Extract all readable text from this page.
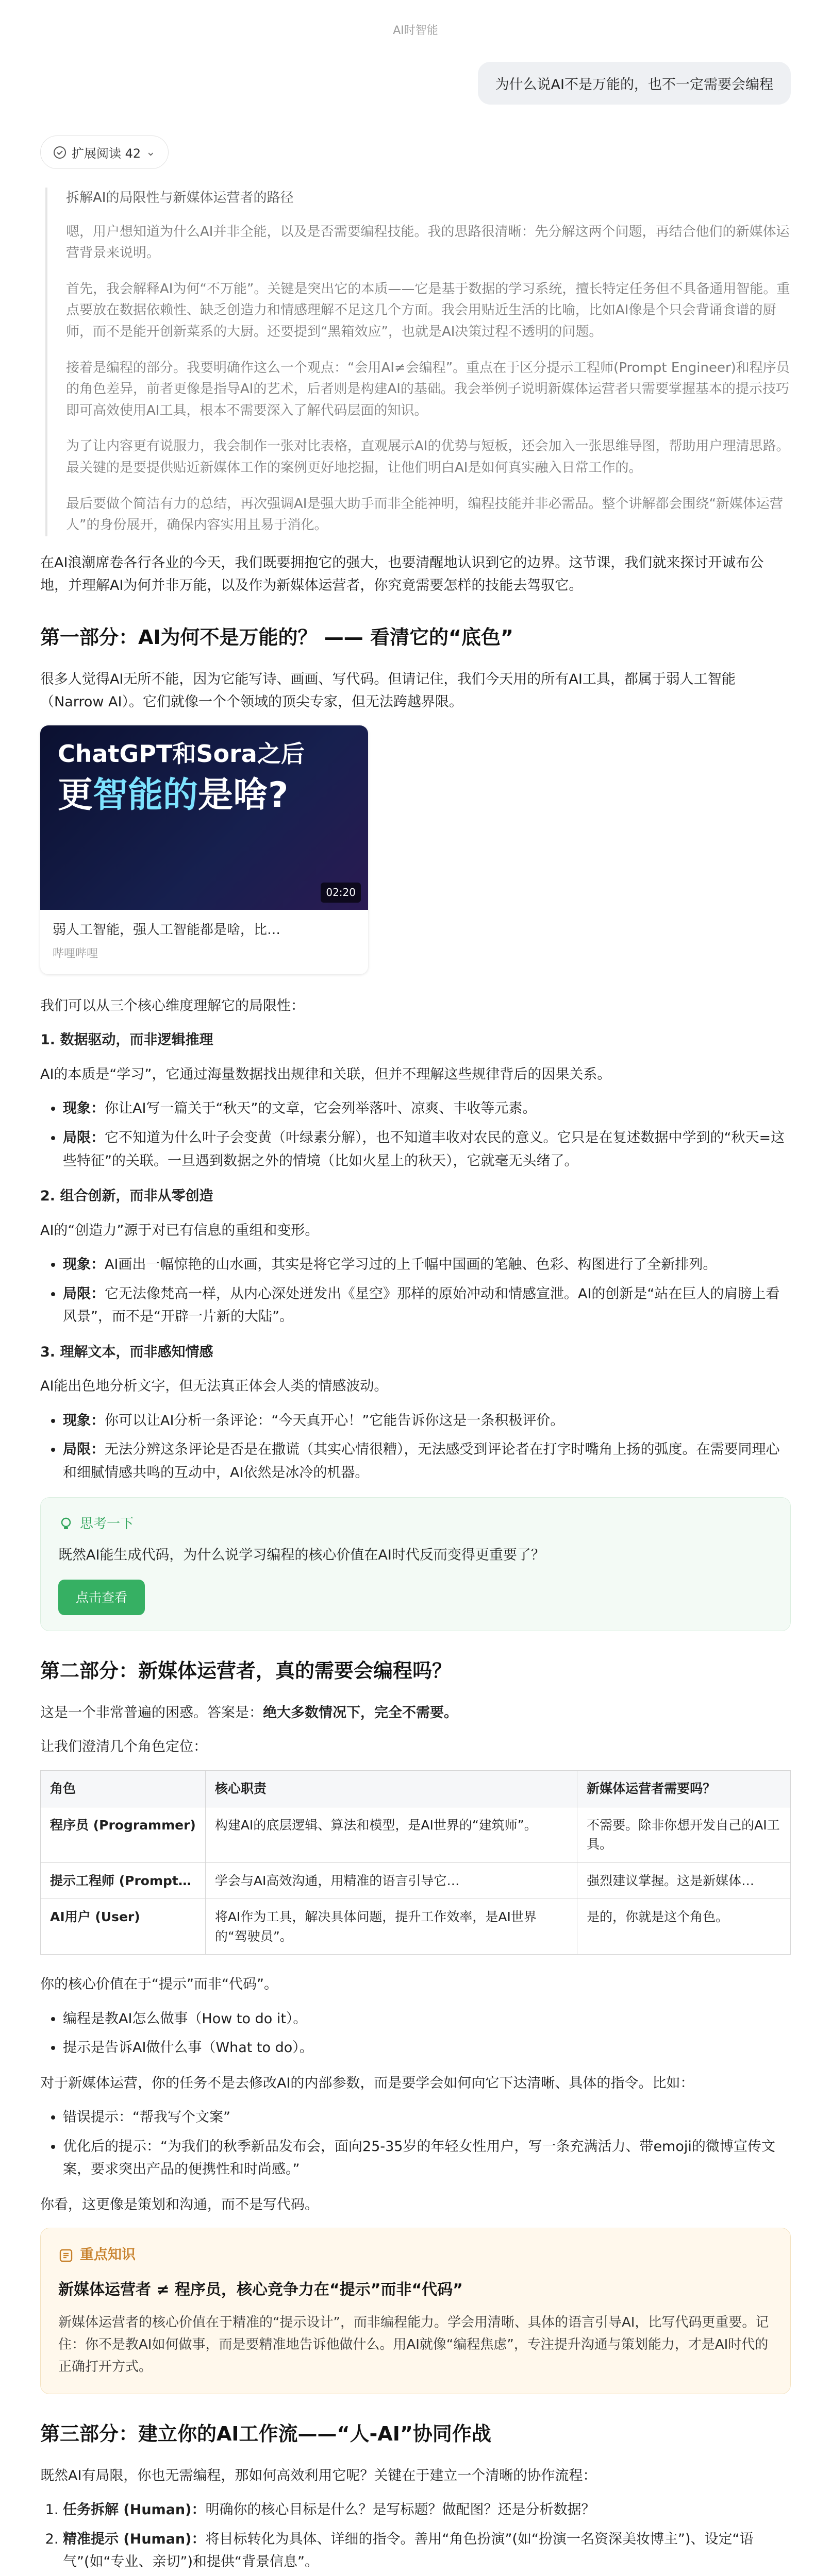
AI时智能
为什么说AI不是万能的，也不一定需要会编程
扩展阅读 42 ⌄

拆解AI的局限性与新媒体运营者的路径

嗯，用户想知道为什么AI并非全能，以及是否需要编程技能。我的思路很清晰：先分解这两个问题，再结合他们的新媒体运营背景来说明。

首先，我会解释AI为何“不万能”。关键是突出它的本质——它是基于数据的学习系统，擅长特定任务但不具备通用智能。重点要放在数据依赖性、缺乏创造力和情感理解不足这几个方面。我会用贴近生活的比喻，比如AI像是个只会背诵食谱的厨师，而不是能开创新菜系的大厨。还要提到“黑箱效应”，也就是AI决策过程不透明的问题。

接着是编程的部分。我要明确作这么一个观点：“会用AI≠会编程”。重点在于区分提示工程师(Prompt Engineer)和程序员的角色差异，前者更像是指导AI的艺术，后者则是构建AI的基础。我会举例子说明新媒体运营者只需要掌握基本的提示技巧即可高效使用AI工具，根本不需要深入了解代码层面的知识。

为了让内容更有说服力，我会制作一张对比表格，直观展示AI的优势与短板，还会加入一张思维导图，帮助用户理清思路。最关键的是要提供贴近新媒体工作的案例更好地挖掘，让他们明白AI是如何真实融入日常工作的。

最后要做个简洁有力的总结，再次强调AI是强大助手而非全能神明，编程技能并非必需品。整个讲解都会围绕“新媒体运营人”的身份展开，确保内容实用且易于消化。

在AI浪潮席卷各行各业的今天，我们既要拥抱它的强大，也要清醒地认识到它的边界。这节课，我们就来探讨开诚布公地，并理解AI为何并非万能，以及作为新媒体运营者，你究竟需要怎样的技能去驾驭它。

第一部分：AI为何不是万能的？ —— 看清它的“底色”

很多人觉得AI无所不能，因为它能写诗、画画、写代码。但请记住，我们今天用的所有AI工具，都属于弱人工智能（Narrow AI）。它们就像一个个领域的顶尖专家，但无法跨越界限。

ChatGPT和Sora之后
更智能的是啥?
02:20
弱人工智能，强人工智能都是啥，比…
哔哩哔哩

我们可以从三个核心维度理解它的局限性：

1. 数据驱动，而非逻辑推理

AI的本质是“学习”，它通过海量数据找出规律和关联，但并不理解这些规律背后的因果关系。

• 现象：你让AI写一篇关于“秋天”的文章，它会列举落叶、凉爽、丰收等元素。
• 局限：它不知道为什么叶子会变黄（叶绿素分解），也不知道丰收对农民的意义。它只是在复述数据中学到的“秋天=这些特征”的关联。一旦遇到数据之外的情境（比如火星上的秋天），它就毫无头绪了。

2. 组合创新，而非从零创造

AI的“创造力”源于对已有信息的重组和变形。

• 现象：AI画出一幅惊艳的山水画，其实是将它学习过的上千幅中国画的笔触、色彩、构图进行了全新排列。
• 局限：它无法像梵高一样，从内心深处迸发出《星空》那样的原始冲动和情感宣泄。AI的创新是“站在巨人的肩膀上看风景”，而不是“开辟一片新的大陆”。

3. 理解文本，而非感知情感

AI能出色地分析文字，但无法真正体会人类的情感波动。

• 现象：你可以让AI分析一条评论：“今天真开心！”它能告诉你这是一条积极评价。
• 局限：无法分辨这条评论是否是在撒谎（其实心情很糟），无法感受到评论者在打字时嘴角上扬的弧度。在需要同理心和细腻情感共鸣的互动中，AI依然是冰冷的机器。
思考一下
既然AI能生成代码，为什么说学习编程的核心价值在AI时代反而变得更重要了？
点击查看
第二部分：新媒体运营者，真的需要会编程吗？

这是一个非常普遍的困惑。答案是：绝大多数情况下，完全不需要。

让我们澄清几个角色定位：

角色	核心职责	新媒体运营者需要吗？
程序员 (Programmer)	构建AI的底层逻辑、算法和模型，是AI世界的“建筑师”。	不需要。除非你想开发自己的AI工具。
提示工程师 (Prompt…	学会与AI高效沟通，用精准的语言引导它…	强烈建议掌握。这是新媒体…
AI用户 (User)	将AI作为工具，解决具体问题，提升工作效率，是AI世界的“驾驶员”。	是的，你就是这个角色。

你的核心价值在于“提示”而非“代码”。

• 编程是教AI怎么做事（How to do it）。
• 提示是告诉AI做什么事（What to do）。

对于新媒体运营，你的任务不是去修改AI的内部参数，而是要学会如何向它下达清晰、具体的指令。比如：

• 错误提示：“帮我写个文案”
• 优化后的提示：“为我们的秋季新品发布会，面向25-35岁的年轻女性用户，写一条充满活力、带emoji的微博宣传文案，要求突出产品的便携性和时尚感。”

你看，这更像是策划和沟通，而不是写代码。

重点知识
新媒体运营者 ≠ 程序员，核心竞争力在“提示”而非“代码”
新媒体运营者的核心价值在于精准的“提示设计”，而非编程能力。学会用清晰、具体的语言引导AI，比写代码更重要。记住：你不是教AI如何做事，而是要精准地告诉他做什么。用AI就像“编程焦虑”，专注提升沟通与策划能力，才是AI时代的正确打开方式。
第三部分：建立你的AI工作流——“人-AI”协同作战

既然AI有局限，你也无需编程，那如何高效利用它呢？关键在于建立一个清晰的协作流程：

1. 任务拆解 (Human)：明确你的核心目标是什么？是写标题？做配图？还是分析数据？
2. 精准提示 (Human)：将目标转化为具体、详细的指令。善用“角色扮演”(如“扮演一名资深美妆博主”)、设定“语气”(如“专业、亲切”)和提供“背景信息”。
